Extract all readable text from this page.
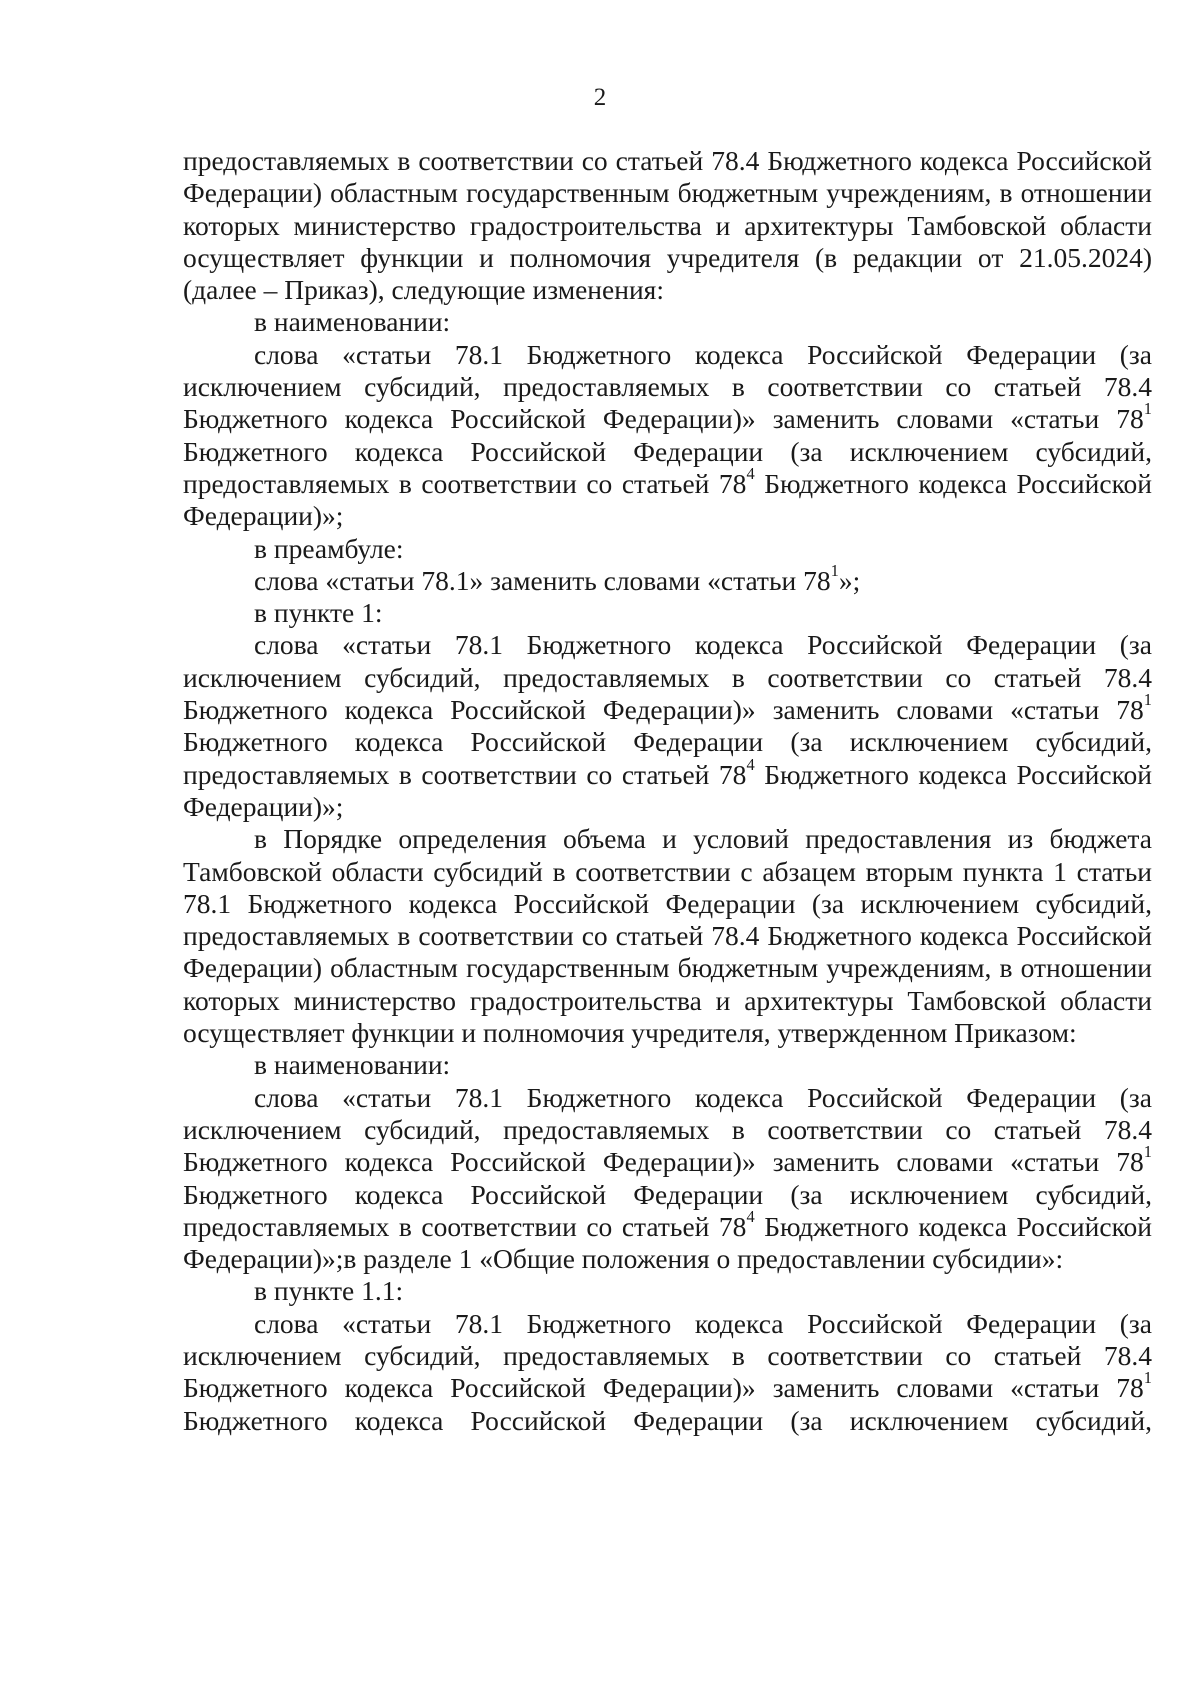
2

предоставляемых в соответствии со статьей 78.4 Бюджетного кодекса Российской Федерации) областным государственным бюджетным учреждениям, в отношении которых министерство градостроительства и архитектуры Тамбовской области осуществляет функции и полномочия учредителя (в редакции от 21.05.2024) (далее – Приказ), следующие изменения:

в наименовании:

слова «статьи 78.1 Бюджетного кодекса Российской Федерации (за исключением субсидий, предоставляемых в соответствии со статьей 78.4 Бюджетного кодекса Российской Федерации)» заменить словами «статьи $78^1$ Бюджетного кодекса Российской Федерации (за исключением субсидий, предоставляемых в соответствии со статьей $78^4$ Бюджетного кодекса Российской Федерации)»;

в преамбуле:

слова «статьи 78.1» заменить словами «статьи $78^1$»;

в пункте 1:

слова «статьи 78.1 Бюджетного кодекса Российской Федерации (за исключением субсидий, предоставляемых в соответствии со статьей 78.4 Бюджетного кодекса Российской Федерации)» заменить словами «статьи $78^1$ Бюджетного кодекса Российской Федерации (за исключением субсидий, предоставляемых в соответствии со статьей $78^4$ Бюджетного кодекса Российской Федерации)»;

в Порядке определения объема и условий предоставления из бюджета Тамбовской области субсидий в соответствии с абзацем вторым пункта 1 статьи 78.1 Бюджетного кодекса Российской Федерации (за исключением субсидий, предоставляемых в соответствии со статьей 78.4 Бюджетного кодекса Российской Федерации) областным государственным бюджетным учреждениям, в отношении которых министерство градостроительства и архитектуры Тамбовской области осуществляет функции и полномочия учредителя, утвержденном Приказом:

в наименовании:

слова «статьи 78.1 Бюджетного кодекса Российской Федерации (за исключением субсидий, предоставляемых в соответствии со статьей 78.4 Бюджетного кодекса Российской Федерации)» заменить словами «статьи $78^1$ Бюджетного кодекса Российской Федерации (за исключением субсидий, предоставляемых в соответствии со статьей $78^4$ Бюджетного кодекса Российской Федерации)»;в разделе 1 «Общие положения о предоставлении субсидии»:

в пункте 1.1:

слова «статьи 78.1 Бюджетного кодекса Российской Федерации (за исключением субсидий, предоставляемых в соответствии со статьей 78.4 Бюджетного кодекса Российской Федерации)» заменить словами «статьи $78^1$ Бюджетного кодекса Российской Федерации (за исключением субсидий,
